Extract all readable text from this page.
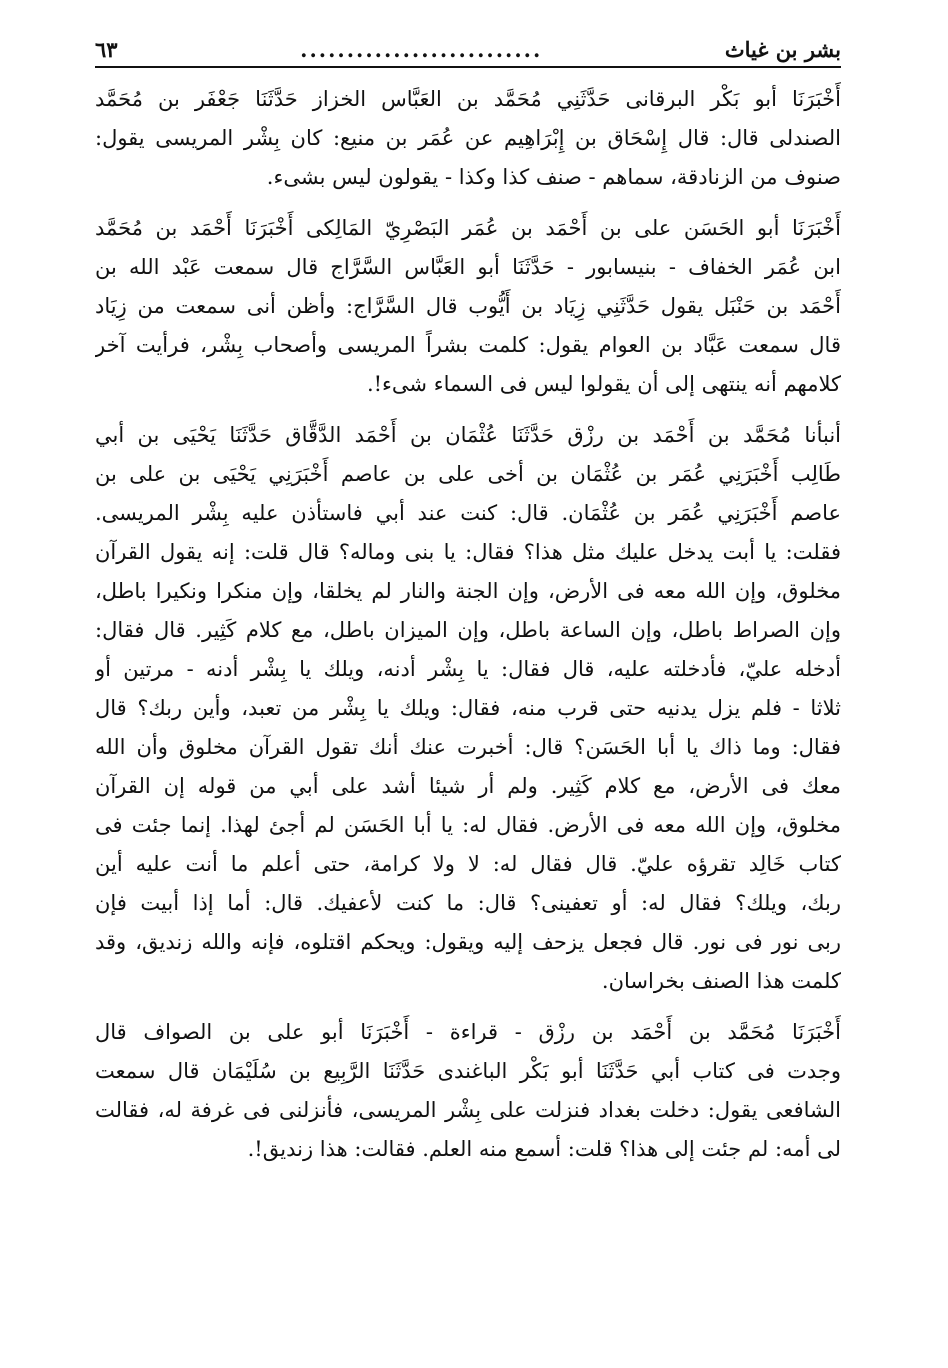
بشر بن غياث
..........................
٦٣
أَخْبَرَنَا أبو بَكْر البرقانى حَدَّثَنِي مُحَمَّد بن العَبَّاس الخزاز حَدَّثَنَا جَعْفَر بن مُحَمَّد
الصندلى قال: قال إِسْحَاق بن إِبْرَاهِيم عن عُمَر بن منيع: كان بِشْر المريسى يقول:
صنوف من الزنادقة، سماهم - صنف كذا وكذا - يقولون ليس بشىء.
أَخْبَرَنَا أبو الحَسَن على بن أَحْمَد بن عُمَر البَصْرِيّ المَالِكى أَخْبَرَنَا أَحْمَد بن مُحَمَّد
ابن عُمَر الخفاف - بنيسابور - حَدَّثَنَا أبو العَبَّاس السَّرَّاج قال سمعت عَبْد الله بن
أَحْمَد بن حَنْبَل يقول حَدَّثَنِي زِيَاد بن أَيُّوب قال السَّرَّاج: وأظن أنى سمعت من زِيَاد
قال سمعت عَبَّاد بن العوام يقول: كلمت بشراً المريسى وأصحاب بِشْر، فرأيت آخر
كلامهم أنه ينتهى إلى أن يقولوا ليس فى السماء شىء!.
أنبأنا مُحَمَّد بن أَحْمَد بن رزْق حَدَّثَنَا عُثْمَان بن أَحْمَد الدَّقَّاق حَدَّثَنَا يَحْيَى بن أبي
طَالِب أَخْبَرَنِي عُمَر بن عُثْمَان بن أخى على بن عاصم أَخْبَرَنِي يَحْيَى بن على بن
عاصم أَخْبَرَنِي عُمَر بن عُثْمَان. قال: كنت عند أبي فاستأذن عليه بِشْر المريسى.
فقلت: يا أبت يدخل عليك مثل هذا؟ فقال: يا بنى وماله؟ قال قلت: إنه يقول القرآن
مخلوق، وإن الله معه فى الأرض، وإن الجنة والنار لم يخلقا، وإن منكرا ونكيرا باطل،
وإن الصراط باطل، وإن الساعة باطل، وإن الميزان باطل، مع كلام كَثِير. قال فقال:
أدخله عليّ، فأدخلته عليه، قال فقال: يا بِشْر أدنه، ويلك يا بِشْر أدنه - مرتين أو
ثلاثا - فلم يزل يدنيه حتى قرب منه، فقال: ويلك يا بِشْر من تعبد، وأين ربك؟ قال
فقال: وما ذاك يا أبا الحَسَن؟ قال: أخبرت عنك أنك تقول القرآن مخلوق وأن الله
معك فى الأرض، مع كلام كَثِير. ولم أر شيئا أشد على أبي من قوله إن القرآن
مخلوق، وإن الله معه فى الأرض. فقال له: يا أبا الحَسَن لم أجئ لهذا. إنما جئت فى
كتاب خَالِد تقرؤه عليّ. قال فقال له: لا ولا كرامة، حتى أعلم ما أنت عليه أين
ربك، ويلك؟ فقال له: أو تعفينى؟ قال: ما كنت لأعفيك. قال: أما إذا أبيت فإن
ربى نور فى نور. قال فجعل يزحف إليه ويقول: ويحكم اقتلوه، فإنه والله زنديق، وقد
كلمت هذا الصنف بخراسان.
أَخْبَرَنَا مُحَمَّد بن أَحْمَد بن رزْق - قراءة - أَخْبَرَنَا أبو على بن الصواف قال
وجدت فى كتاب أبي حَدَّثَنَا أبو بَكْر الباغندى حَدَّثَنَا الرَّبِيع بن سُلَيْمَان قال سمعت
الشافعى يقول: دخلت بغداد فنزلت على بِشْر المريسى، فأنزلنى فى غرفة له، فقالت
لى أمه: لم جئت إلى هذا؟ قلت: أسمع منه العلم. فقالت: هذا زنديق!.
